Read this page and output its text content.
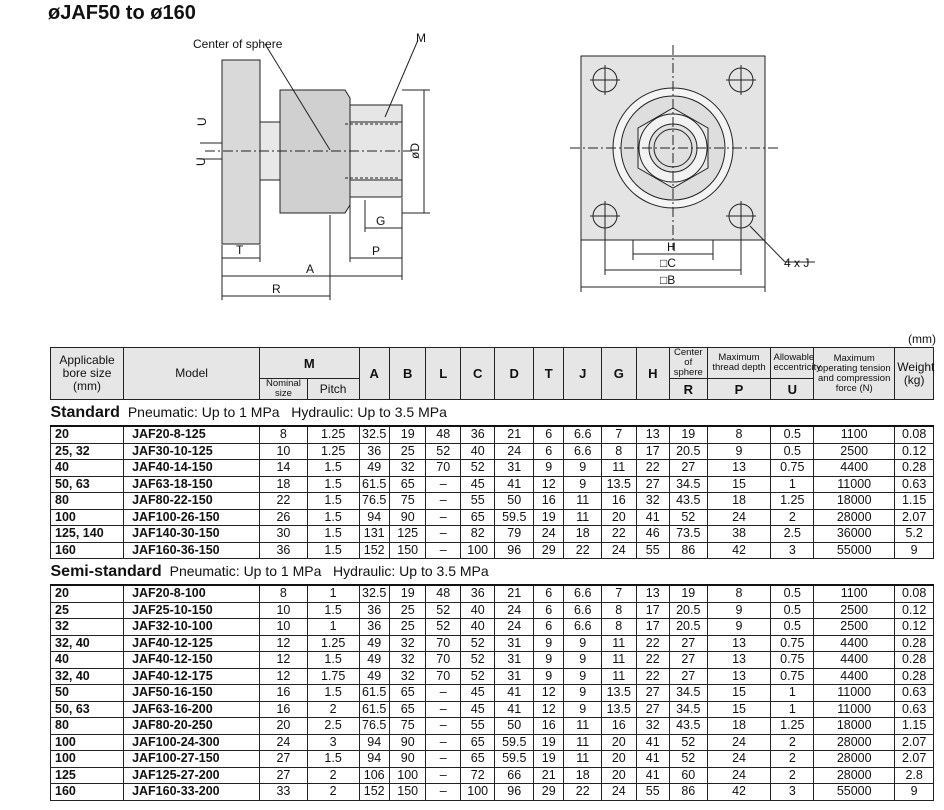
øJAF50 to ø160
Center of sphere	M
øD
U
U
T
A
R
G
P	H
□C
□B
4 x J
(mm)
Applicable bore size (mm)	Model	M		A	B	L	C	D	T	J	G	H	Center of sphere	Maximum thread depth	Allowable eccentricity	Maximum operating tension and compression force (N)	Weight (kg)
		Nominal size	Pitch										R	P	U		
Standard Pneumatic: Up to 1 MPa   Hydraulic: Up to 3.5 MPa																	
20	JAF20-8-125	8	1.25	32.5	19	48	36	21	6	6.6	7	13	19	8	0.5	1100	0.08
25, 32	JAF30-10-125	10	1.25	36	25	52	40	24	6	6.6	8	17	20.5	9	0.5	2500	0.12
40	JAF40-14-150	14	1.5	49	32	70	52	31	9	9	11	22	27	13	0.75	4400	0.28
50, 63	JAF63-18-150	18	1.5	61.5	65	–	45	41	12	9	13.5	27	34.5	15	1	11000	0.63
80	JAF80-22-150	22	1.5	76.5	75	–	55	50	16	11	16	32	43.5	18	1.25	18000	1.15
100	JAF100-26-150	26	1.5	94	90	–	65	59.5	19	11	20	41	52	24	2	28000	2.07
125, 140	JAF140-30-150	30	1.5	131	125	–	82	79	24	18	22	46	73.5	38	2.5	36000	5.2
160	JAF160-36-150	36	1.5	152	150	–	100	96	29	22	24	55	86	42	3	55000	9
Semi-standard Pneumatic: Up to 1 MPa   Hydraulic: Up to 3.5 MPa																	
20	JAF20-8-100	8	1	32.5	19	48	36	21	6	6.6	7	13	19	8	0.5	1100	0.08
25	JAF25-10-150	10	1.5	36	25	52	40	24	6	6.6	8	17	20.5	9	0.5	2500	0.12
32	JAF32-10-100	10	1	36	25	52	40	24	6	6.6	8	17	20.5	9	0.5	2500	0.12
32, 40	JAF40-12-125	12	1.25	49	32	70	52	31	9	9	11	22	27	13	0.75	4400	0.28
40	JAF40-12-150	12	1.5	49	32	70	52	31	9	9	11	22	27	13	0.75	4400	0.28
32, 40	JAF40-12-175	12	1.75	49	32	70	52	31	9	9	11	22	27	13	0.75	4400	0.28
50	JAF50-16-150	16	1.5	61.5	65	–	45	41	12	9	13.5	27	34.5	15	1	11000	0.63
50, 63	JAF63-16-200	16	2	61.5	65	–	45	41	12	9	13.5	27	34.5	15	1	11000	0.63
80	JAF80-20-250	20	2.5	76.5	75	–	55	50	16	11	16	32	43.5	18	1.25	18000	1.15
100	JAF100-24-300	24	3	94	90	–	65	59.5	19	11	20	41	52	24	2	28000	2.07
100	JAF100-27-150	27	1.5	94	90	–	65	59.5	19	11	20	41	52	24	2	28000	2.07
125	JAF125-27-200	27	2	106	100	–	72	66	21	18	20	41	60	24	2	28000	2.8
160	JAF160-33-200	33	2	152	150	–	100	96	29	22	24	55	86	42	3	55000	9
